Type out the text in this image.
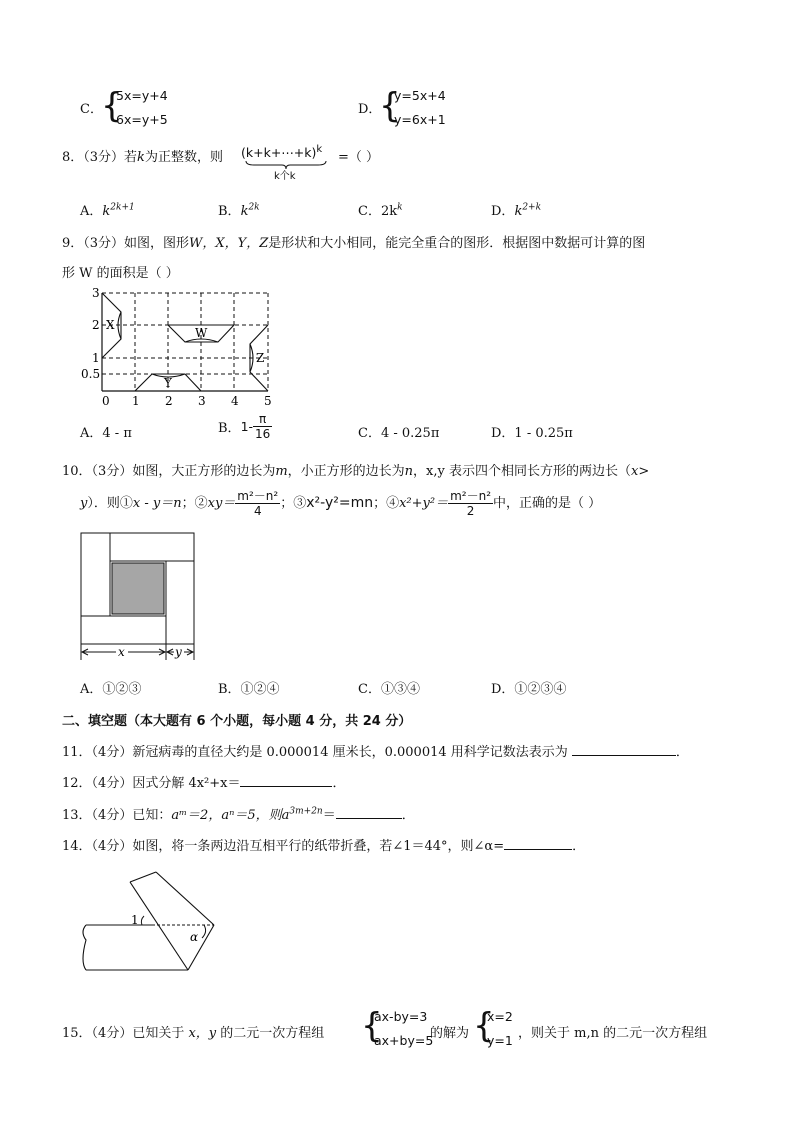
C．
{
5x=y+4
6x=y+5
D．
{
y=5x+4
y=6x+1
8．（3分）若k为正整数，则 (k+k+⋯+k)$^k$
k个k
=（ ）
A．$k^{2k+1}$	B．$k^{2k}$	C．$2k^k$	D．$k^{2+k}$
9．（3分）如图，图形W，X，Y，Z是形状和大小相同，能完全重合的图形．根据图中数据可计算的图
形 W 的面积是（ ）
3
2
1
0.5
0 1 2 3 4 5
X
W
Z
Y
A．4 - π	B．$1- \frac{\pi}{16}$	C．4 - 0.25π	D．1 - 0.25π
10．（3分）如图，大正方形的边长为m，小正方形的边长为n，x,y 表示四个相同长方形的两边长（x>
y）．则①x - y＝n；②xy＝ $\frac{\text{m²－n²}}{4}$ ；③x²-y²=mn；④x²+y²＝ $\frac{\text{m²－n²}}{2}$ 中，正确的是（ ）
x	y
A．①②③	B．①②④	C．①③④	D．①②③④
二、填空题（本大题有 6 个小题，每小题 4 分，共 24 分）
11．（4分）新冠病毒的直径大约是 0.000014 厘米长，0.000014 用科学记数法表示为	．
12．（4分）因式分解 4x²+x＝	．
13．（4分）已知：aᵐ＝2，aⁿ＝5，则$a^{3m+2n}=$	．
14．（4分）如图，将一条两边沿互相平行的纸带折叠，若∠1＝44°，则∠α=	．
1
α
15．（4分）已知关于 x，y 的二元一次方程组 {
ax-by=3
ax+by=5
的解为 {
x=2
y=1 ，则关于 m,n 的二元一次方程组
